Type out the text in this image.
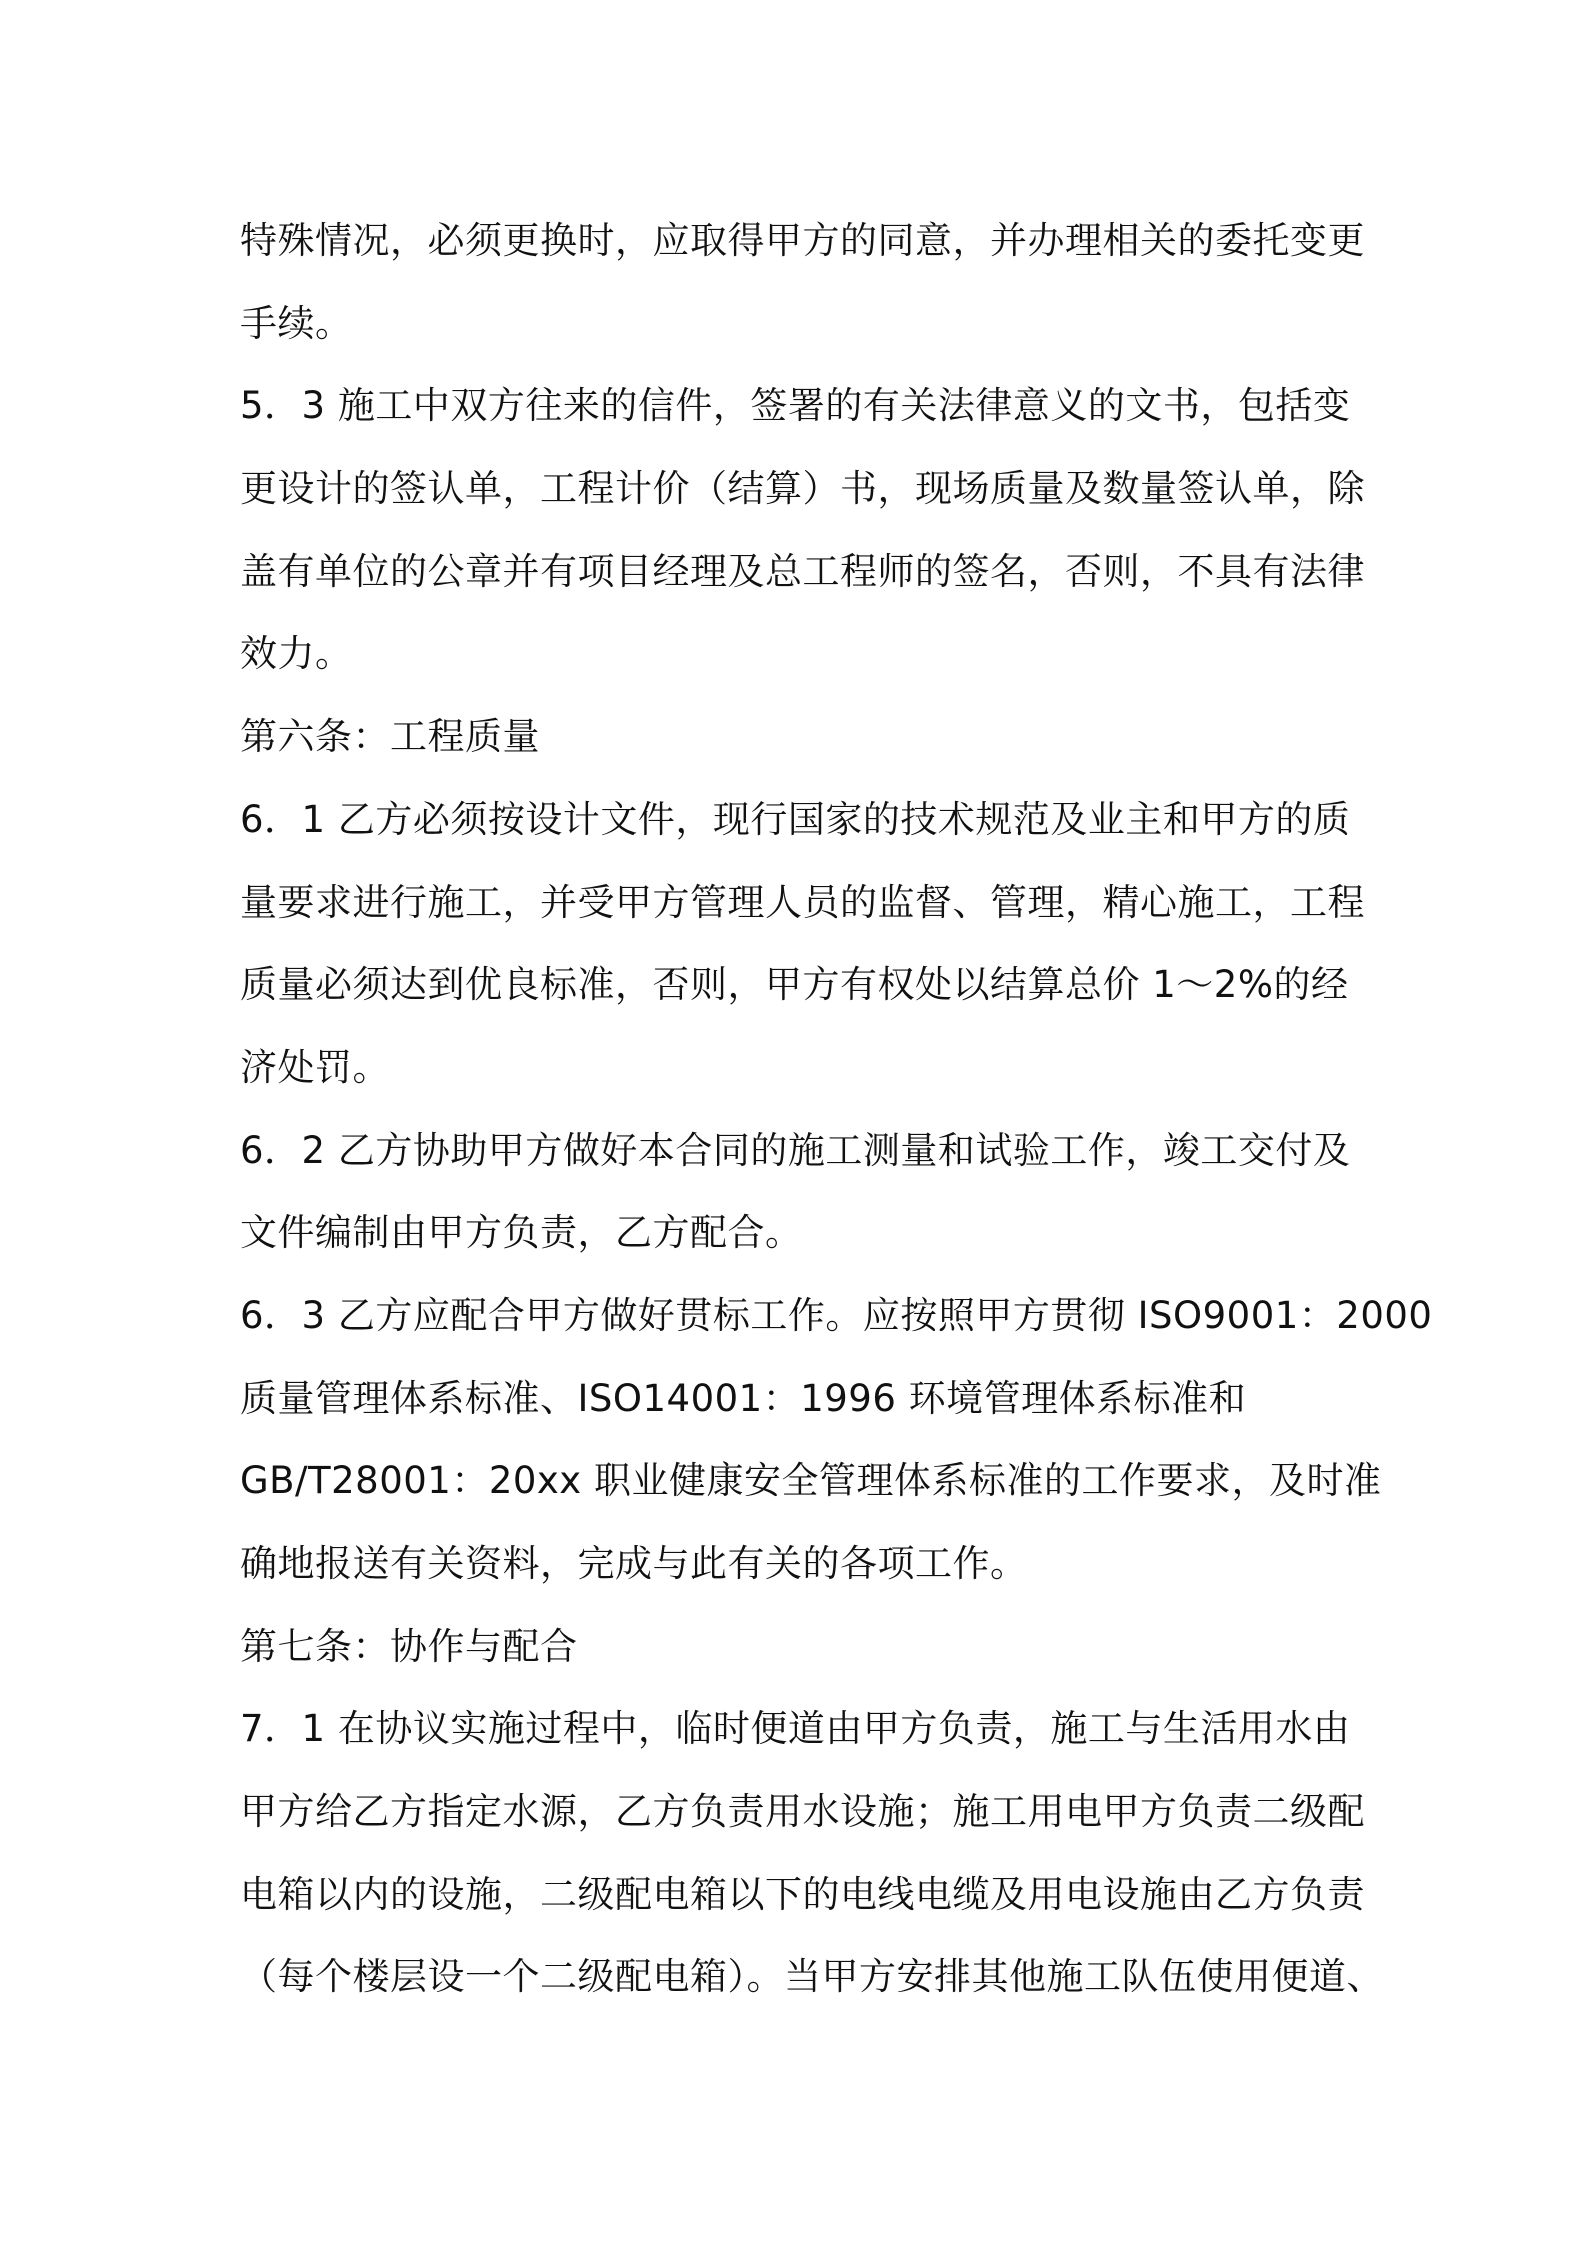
特殊情况，必须更换时，应取得甲方的同意，并办理相关的委托变更
手续。
5．3 施工中双方往来的信件，签署的有关法律意义的文书，包括变
更设计的签认单，工程计价（结算）书，现场质量及数量签认单，除
盖有单位的公章并有项目经理及总工程师的签名，否则，不具有法律
效力。
第六条：工程质量
6．1 乙方必须按设计文件，现行国家的技术规范及业主和甲方的质
量要求进行施工，并受甲方管理人员的监督、管理，精心施工，工程
质量必须达到优良标准，否则，甲方有权处以结算总价 1～2%的经
济处罚。
6．2 乙方协助甲方做好本合同的施工测量和试验工作，竣工交付及
文件编制由甲方负责，乙方配合。
6．3 乙方应配合甲方做好贯标工作。应按照甲方贯彻 ISO9001：2000
质量管理体系标准、ISO14001：1996 环境管理体系标准和
GB/T28001：20xx 职业健康安全管理体系标准的工作要求，及时准
确地报送有关资料，完成与此有关的各项工作。
第七条：协作与配合
7．1 在协议实施过程中，临时便道由甲方负责，施工与生活用水由
甲方给乙方指定水源，乙方负责用水设施；施工用电甲方负责二级配
电箱以内的设施，二级配电箱以下的电线电缆及用电设施由乙方负责
（每个楼层设一个二级配电箱）。当甲方安排其他施工队伍使用便道、
